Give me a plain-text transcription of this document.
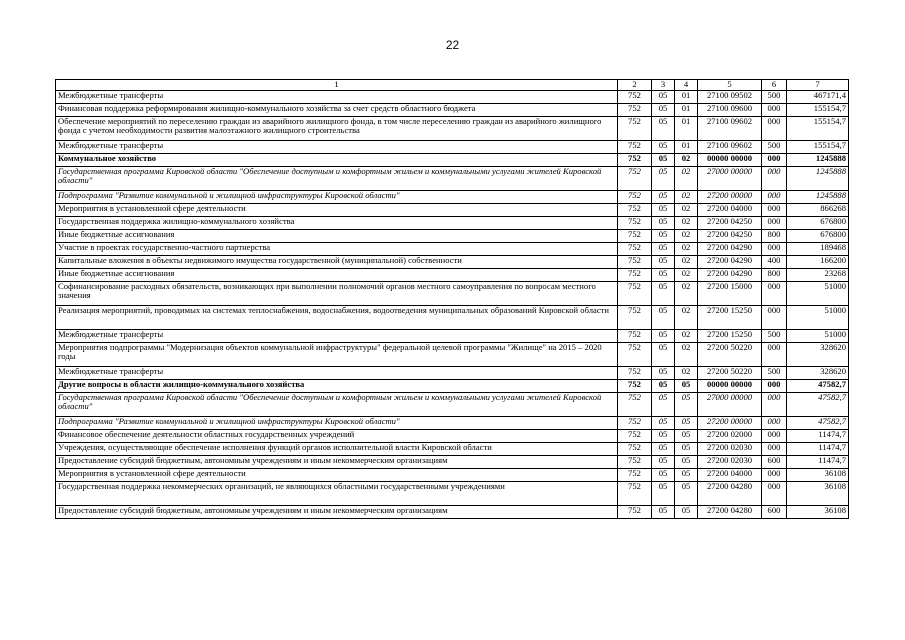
22
1	2	3	4	5	6	7
Межбюджетные трансферты	752	05	01	27100 09502	500	467171,4
Финансовая поддержка реформирования жилищно-коммунального хозяйства за счет средств областного бюджета	752	05	01	27100 09600	000	155154,7
Обеспечение мероприятий по переселению граждан из аварийного жилищного фонда, в том числе переселению граждан из аварийного жилищного фонда с учетом необходимости развития малоэтажного жилищного строительства	752	05	01	27100 09602	000	155154,7
Межбюджетные трансферты	752	05	01	27100 09602	500	155154,7
Коммунальное хозяйство	752	05	02	00000 00000	000	1245888
Государственная программа Кировской области "Обеспечение доступным и комфортным жильем и коммунальными услугами жителей Кировской области"	752	05	02	27000 00000	000	1245888
Подпрограмма "Развитие коммунальной и жилищной инфраструктуры Кировской области"	752	05	02	27200 00000	000	1245888
Мероприятия в установленной сфере деятельности	752	05	02	27200 04000	000	866268
Государственная поддержка жилищно-коммунального хозяйства	752	05	02	27200 04250	000	676800
Иные бюджетные ассигнования	752	05	02	27200 04250	800	676800
Участие в проектах государственно-частного партнерства	752	05	02	27200 04290	000	189468
Капитальные вложения в объекты недвижимого имущества государственной (муниципальной) собственности	752	05	02	27200 04290	400	166200
Иные бюджетные ассигнования	752	05	02	27200 04290	800	23268
Софинансирование расходных обязательств, возникающих при выполнении полномочий органов местного самоуправления по вопросам местного значения	752	05	02	27200 15000	000	51000
Реализация мероприятий, проводимых на системах теплоснабжения, водоснабжения, водоотведения муниципальных образований Кировской области	752	05	02	27200 15250	000	51000
Межбюджетные трансферты	752	05	02	27200 15250	500	51000
Мероприятия подпрограммы "Модернизация объектов коммунальной инфраструктуры" федеральной целевой программы "Жилище" на 2015 – 2020 годы	752	05	02	27200 50220	000	328620
Межбюджетные трансферты	752	05	02	27200 50220	500	328620
Другие вопросы в области жилищно-коммунального хозяйства	752	05	05	00000 00000	000	47582,7
Государственная программа Кировской области "Обеспечение доступным и комфортным жильем и коммунальными услугами жителей Кировской области"	752	05	05	27000 00000	000	47582,7
Подпрограмма "Развитие коммунальной и жилищной инфраструктуры Кировской области"	752	05	05	27200 00000	000	47582,7
Финансовое обеспечение деятельности областных государственных учреждений	752	05	05	27200 02000	000	11474,7
Учреждения, осуществляющие обеспечение исполнения функций органов исполнительной власти Кировской области	752	05	05	27200 02030	000	11474,7
Предоставление субсидий бюджетным, автономным учреждениям и иным некоммерческим организациям	752	05	05	27200 02030	600	11474,7
Мероприятия в установленной сфере деятельности	752	05	05	27200 04000	000	36108
Государственная поддержка некоммерческих организаций, не являющихся областными государственными учреждениями	752	05	05	27200 04280	000	36108
Предоставление субсидий бюджетным, автономным учреждениям и иным некоммерческим организациям	752	05	05	27200 04280	600	36108
